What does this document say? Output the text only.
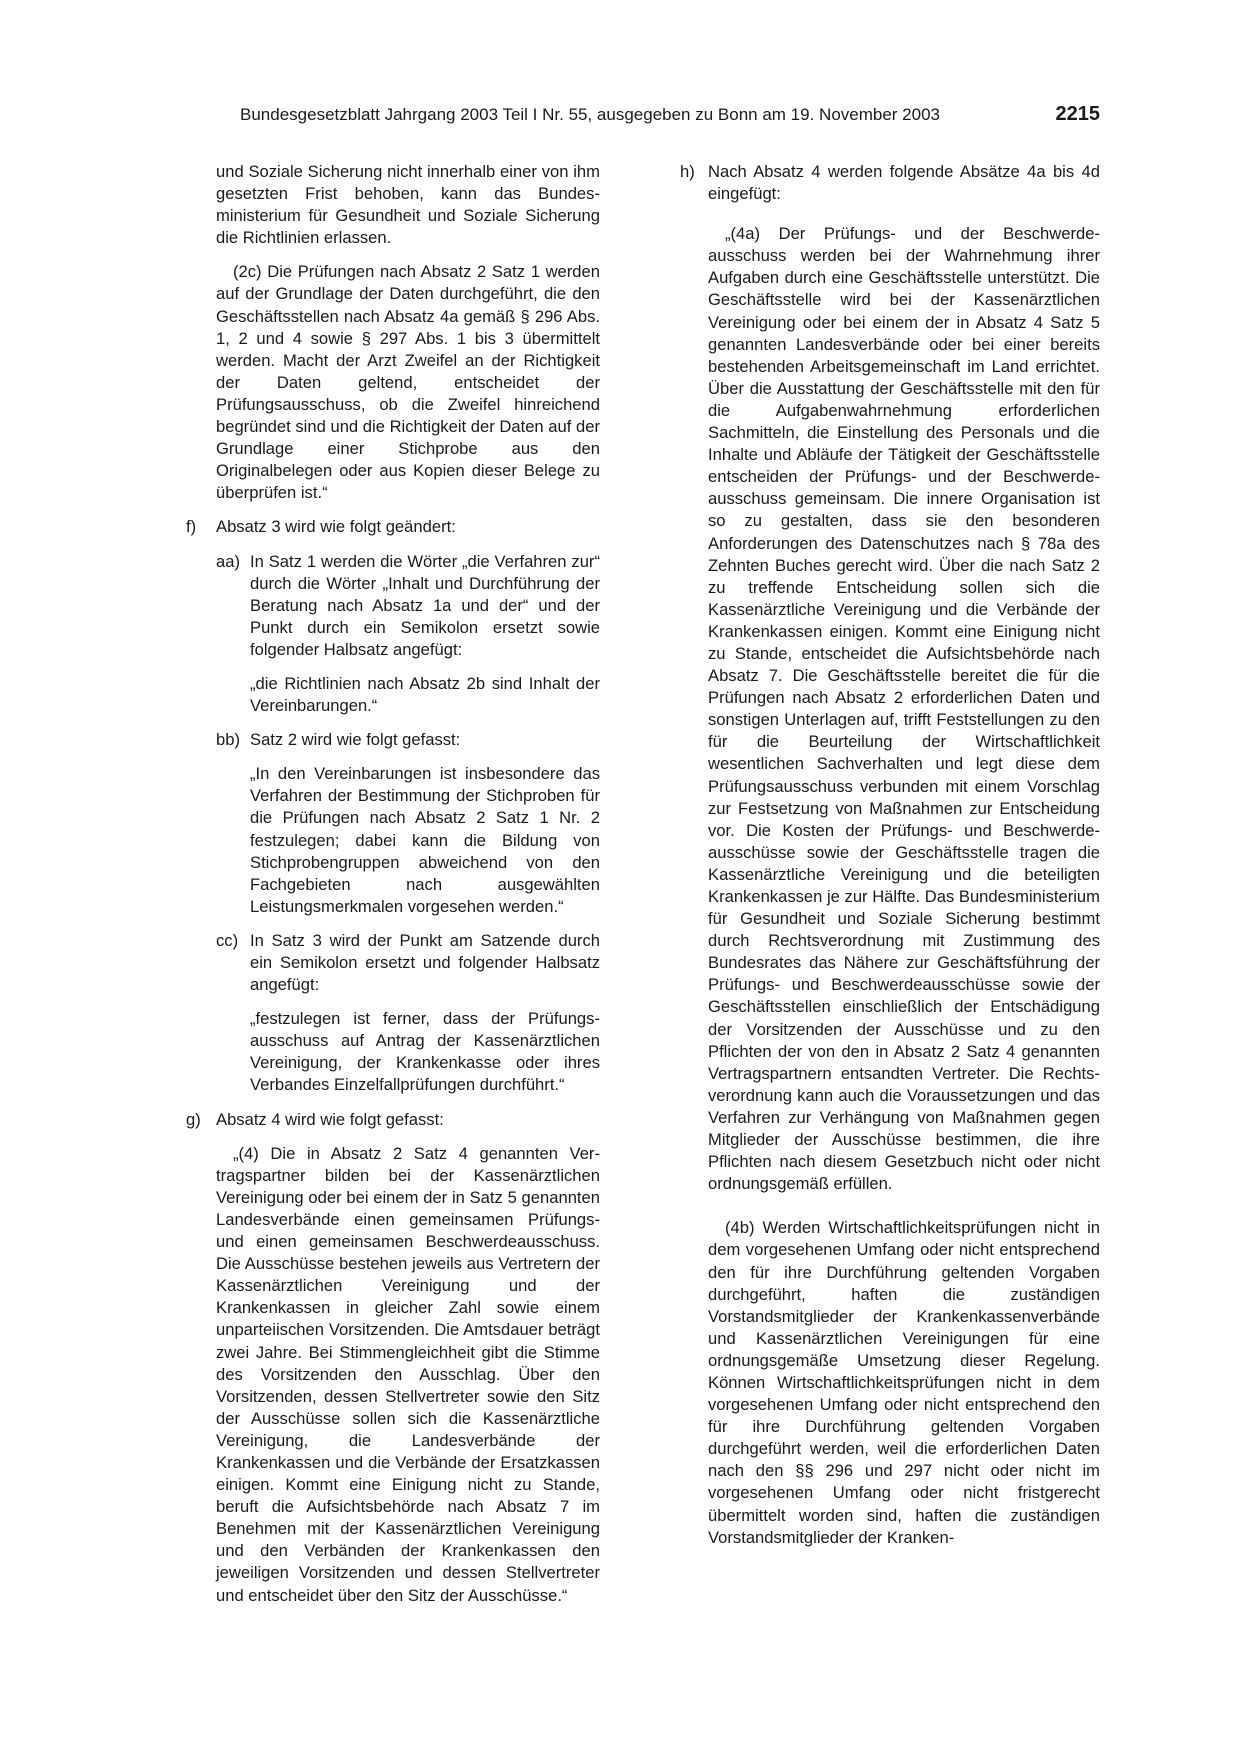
Bundesgesetzblatt Jahrgang 2003 Teil I Nr. 55, ausgegeben zu Bonn am 19. November 2003	2215

und Soziale Sicherung nicht innerhalb einer von ihm gesetzten Frist behoben, kann das Bundesministerium für Gesundheit und Soziale Sicherung die Richtlinien erlassen.

(2c) Die Prüfungen nach Absatz 2 Satz 1 werden auf der Grundlage der Daten durchgeführt, die den Geschäftsstellen nach Absatz 4a gemäß § 296 Abs. 1, 2 und 4 sowie § 297 Abs. 1 bis 3 übermittelt werden. Macht der Arzt Zweifel an der Richtigkeit der Daten geltend, entscheidet der Prüfungsausschuss, ob die Zweifel hinreichend begründet sind und die Richtigkeit der Daten auf der Grundlage einer Stichprobe aus den Originalbelegen oder aus Kopien dieser Belege zu überprüfen ist.“

f) Absatz 3 wird wie folgt geändert:

aa) In Satz 1 werden die Wörter „die Verfahren zur“ durch die Wörter „Inhalt und Durchführung der Beratung nach Absatz 1a und der“ und der Punkt durch ein Semikolon ersetzt sowie folgender Halbsatz angefügt:

„die Richtlinien nach Absatz 2b sind Inhalt der Vereinbarungen.“

bb) Satz 2 wird wie folgt gefasst:

„In den Vereinbarungen ist insbesondere das Verfahren der Bestimmung der Stichproben für die Prüfungen nach Absatz 2 Satz 1 Nr. 2 festzulegen; dabei kann die Bildung von Stichprobengruppen abweichend von den Fachgebieten nach ausgewählten Leistungsmerkmalen vorgesehen werden.“

cc) In Satz 3 wird der Punkt am Satzende durch ein Semikolon ersetzt und folgender Halbsatz angefügt:

„festzulegen ist ferner, dass der Prüfungsausschuss auf Antrag der Kassenärztlichen Vereinigung, der Krankenkasse oder ihres Verbandes Einzelfallprüfungen durchführt.“

g) Absatz 4 wird wie folgt gefasst:

„(4) Die in Absatz 2 Satz 4 genannten Vertragspartner bilden bei der Kassenärztlichen Vereinigung oder bei einem der in Satz 5 genannten Landesverbände einen gemeinsamen Prüfungs- und einen gemeinsamen Beschwerdeausschuss. Die Ausschüsse bestehen jeweils aus Vertretern der Kassenärztlichen Vereinigung und der Krankenkassen in gleicher Zahl sowie einem unparteiischen Vorsitzenden. Die Amtsdauer beträgt zwei Jahre. Bei Stimmengleichheit gibt die Stimme des Vorsitzenden den Ausschlag. Über den Vorsitzenden, dessen Stellvertreter sowie den Sitz der Ausschüsse sollen sich die Kassenärztliche Vereinigung, die Landesverbände der Krankenkassen und die Verbände der Ersatzkassen einigen. Kommt eine Einigung nicht zu Stande, beruft die Aufsichtsbehörde nach Absatz 7 im Benehmen mit der Kassenärztlichen Vereinigung und den Verbänden der Krankenkassen den jeweiligen Vorsitzenden und dessen Stellvertreter und entscheidet über den Sitz der Ausschüsse.“

h) Nach Absatz 4 werden folgende Absätze 4a bis 4d eingefügt:

„(4a) Der Prüfungs- und der Beschwerdeausschuss werden bei der Wahrnehmung ihrer Aufgaben durch eine Geschäftsstelle unterstützt. Die Geschäftsstelle wird bei der Kassenärztlichen Vereinigung oder bei einem der in Absatz 4 Satz 5 genannten Landesverbände oder bei einer bereits bestehenden Arbeitsgemeinschaft im Land errichtet. Über die Ausstattung der Geschäftsstelle mit den für die Aufgabenwahrnehmung erforderlichen Sachmitteln, die Einstellung des Personals und die Inhalte und Abläufe der Tätigkeit der Geschäftsstelle entscheiden der Prüfungs- und der Beschwerdeausschuss gemeinsam. Die innere Organisation ist so zu gestalten, dass sie den besonderen Anforderungen des Datenschutzes nach § 78a des Zehnten Buches gerecht wird. Über die nach Satz 2 zu treffende Entscheidung sollen sich die Kassenärztliche Vereinigung und die Verbände der Krankenkassen einigen. Kommt eine Einigung nicht zu Stande, entscheidet die Aufsichtsbehörde nach Absatz 7. Die Geschäftsstelle bereitet die für die Prüfungen nach Absatz 2 erforderlichen Daten und sonstigen Unterlagen auf, trifft Feststellungen zu den für die Beurteilung der Wirtschaftlichkeit wesentlichen Sachverhalten und legt diese dem Prüfungsausschuss verbunden mit einem Vorschlag zur Festsetzung von Maßnahmen zur Entscheidung vor. Die Kosten der Prüfungs- und Beschwerdeausschüsse sowie der Geschäftsstelle tragen die Kassenärztliche Vereinigung und die beteiligten Krankenkassen je zur Hälfte. Das Bundesministerium für Gesundheit und Soziale Sicherung bestimmt durch Rechtsverordnung mit Zustimmung des Bundesrates das Nähere zur Geschäftsführung der Prüfungs- und Beschwerdeausschüsse sowie der Geschäftsstellen einschließlich der Entschädigung der Vorsitzenden der Ausschüsse und zu den Pflichten der von den in Absatz 2 Satz 4 genannten Vertragspartnern entsandten Vertreter. Die Rechtsverordnung kann auch die Voraussetzungen und das Verfahren zur Verhängung von Maßnahmen gegen Mitglieder der Ausschüsse bestimmen, die ihre Pflichten nach diesem Gesetzbuch nicht oder nicht ordnungsgemäß erfüllen.

(4b) Werden Wirtschaftlichkeitsprüfungen nicht in dem vorgesehenen Umfang oder nicht entsprechend den für ihre Durchführung geltenden Vorgaben durchgeführt, haften die zuständigen Vorstandsmitglieder der Krankenkassenverbände und Kassenärztlichen Vereinigungen für eine ordnungsgemäße Umsetzung dieser Regelung. Können Wirtschaftlichkeitsprüfungen nicht in dem vorgesehenen Umfang oder nicht entsprechend den für ihre Durchführung geltenden Vorgaben durchgeführt werden, weil die erforderlichen Daten nach den §§ 296 und 297 nicht oder nicht im vorgesehenen Umfang oder nicht fristgerecht übermittelt worden sind, haften die zuständigen Vorstandsmitglieder der Kranken-
